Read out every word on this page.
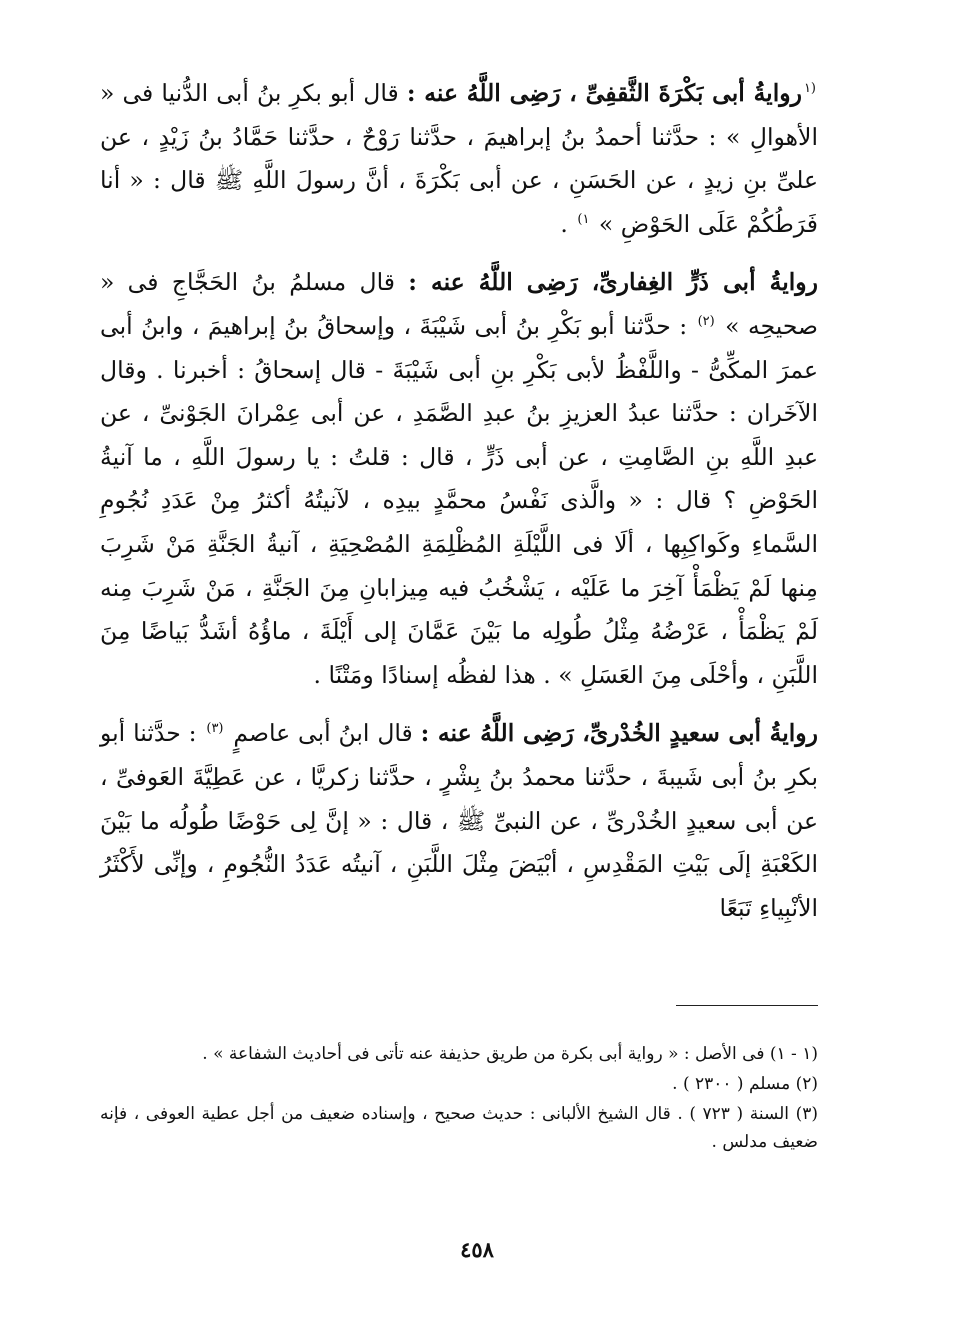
$^{(١}$روايةُ أبى بَكْرَةَ الثَّقفِىِّ ، رَضِى اللَّهُ عنه : قال أبو بكرِ بنُ أبى الدُّنيا فى « الأهوالِ » : حدَّثنا أحمدُ بنُ إبراهيمَ ، حدَّثنا رَوْحٌ ، حدَّثنا حَمَّادُ بنُ زَيْدٍ ، عن علىِّ بنِ زيدٍ ، عن الحَسَنِ ، عن أبى بَكْرَةَ ، أنَّ رسولَ اللَّهِ ﷺ قال : « أنا فَرَطُكُمْ عَلَى الحَوْضِ » $^{١)}$ .

روايةُ أبى ذَرٍّ الغِفارىِّ، رَضِى اللَّهُ عنه : قال مسلمُ بنُ الحَجَّاجِ فى « صحيحِه » $^{(٢)}$ : حدَّثنا أبو بَكْرِ بنُ أبى شَيْبَةَ ، وإسحاقُ بنُ إبراهيمَ ، وابنُ أبى عمرَ المكِّىُّ - واللَّفْظُ لأبى بَكْرِ بنِ أبى شَيْبَةَ - قال إسحاقُ : أخبرنا . وقال الآخَران : حدَّثنا عبدُ العزيزِ بنُ عبدِ الصَّمَدِ ، عن أبى عِمْرانَ الجَوْنىِّ ، عن عبدِ اللَّهِ بنِ الصَّامِتِ ، عن أبى ذَرٍّ ، قال : قلتُ : يا رسولَ اللَّهِ ، ما آنيةُ الحَوْضِ ؟ قال : « والَّذى نَفْسُ محمَّدٍ بيدِه ، لآنيتُهُ أكثرُ مِنْ عَدَدِ نُجُومِ السَّماءِ وكَواكِبِها ، ألَا فى اللَّيْلَةِ المُظْلِمَةِ المُصْحِيَةِ ، آنيةُ الجَنَّةِ مَنْ شَرِبَ مِنها لَمْ يَظْمَأْ آخِرَ ما عَلَيْه ، يَشْخُبُ فيه مِيزابانِ مِنَ الجَنَّةِ ، مَنْ شَرِبَ مِنه لَمْ يَظْمَأْ ، عَرْضُهُ مِثْلُ طُولِه ما بَيْنَ عَمَّانَ إلى أَيْلَةَ ، ماؤُهُ أشَدُّ بَياضًا مِنَ اللَّبَنِ ، وأحْلَى مِنَ العَسَلِ » . هذا لفظُه إسنادًا ومَتْنًا .

روايةُ أبى سعيدٍ الخُدْرىِّ، رَضِى اللَّهُ عنه : قال ابنُ أبى عاصمٍ $^{(٣)}$ : حدَّثنا أبو بكرِ بنُ أبى شَيبةَ ، حدَّثنا محمدُ بنُ بِشْرٍ ، حدَّثنا زكريَّا ، عن عَطِيَّةَ العَوفىِّ ، عن أبى سعيدٍ الخُدْرىِّ ، عن النبىِّ ﷺ ، قال : « إنَّ لِى حَوْضًا طُولُه ما بَيْنَ الكَعْبَةِ إلَى بَيْتِ المَقْدِسِ ، أبْيَضَ مِثْلَ اللَّبَنِ ، آنيتُه عَدَدُ النُّجُومِ ، وإنِّى لأَكْثَرُ الأنْبِياءِ تَبَعًا

(١ - ١) فى الأصل : « رواية أبى بكرة من طريق حذيفة عنه تأتى فى أحاديث الشفاعة » .

(٢) مسلم ( ٢٣٠٠ ) .

(٣) السنة ( ٧٢٣ ) . قال الشيخ الألبانى : حديث صحيح ، وإسناده ضعيف من أجل عطية العوفى ، فإنه ضعيف مدلس .

٤٥٨
